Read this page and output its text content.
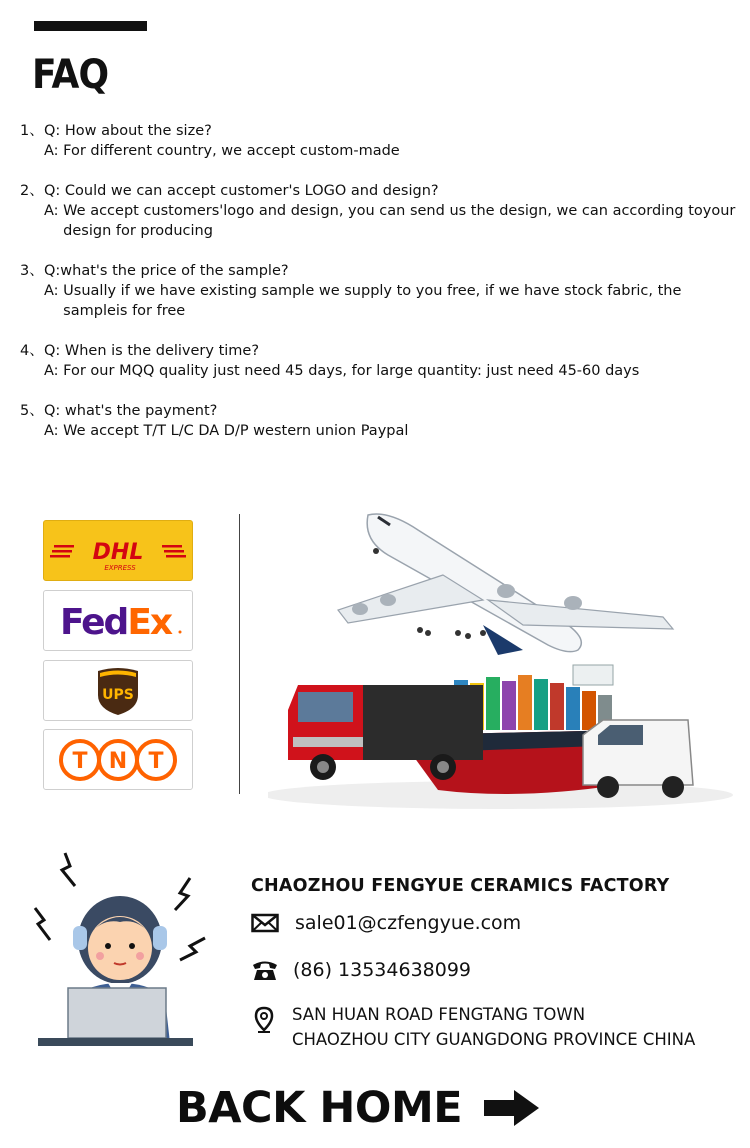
FAQ
1、 Q: How about the size?
A: For different country, we accept custom-made
2、 Q: Could we can accept customer's LOGO and design?
A: We accept customers'logo and design, you can send us the design, we can according toyour design for producing
3、 Q:what's the price of the sample?
A: Usually if we have existing sample we supply to you free, if we have stock fabric, the sampleis for free
4、 Q: When is the delivery time?
A: For our MQQ quality just need 45 days, for large quantity: just need 45-60 days
5、 Q: what's the payment?
A: We accept T/T L/C DA D/P western union Paypal
DHL
EXPRESS
FedEx
UPS
T N T
CHAOZHOU FENGYUE CERAMICS FACTORY
sale01@czfengyue.com
(86) 13534638099
SAN HUAN ROAD FENGTANG TOWN
CHAOZHOU CITY GUANGDONG PROVINCE CHINA
BACK HOME
